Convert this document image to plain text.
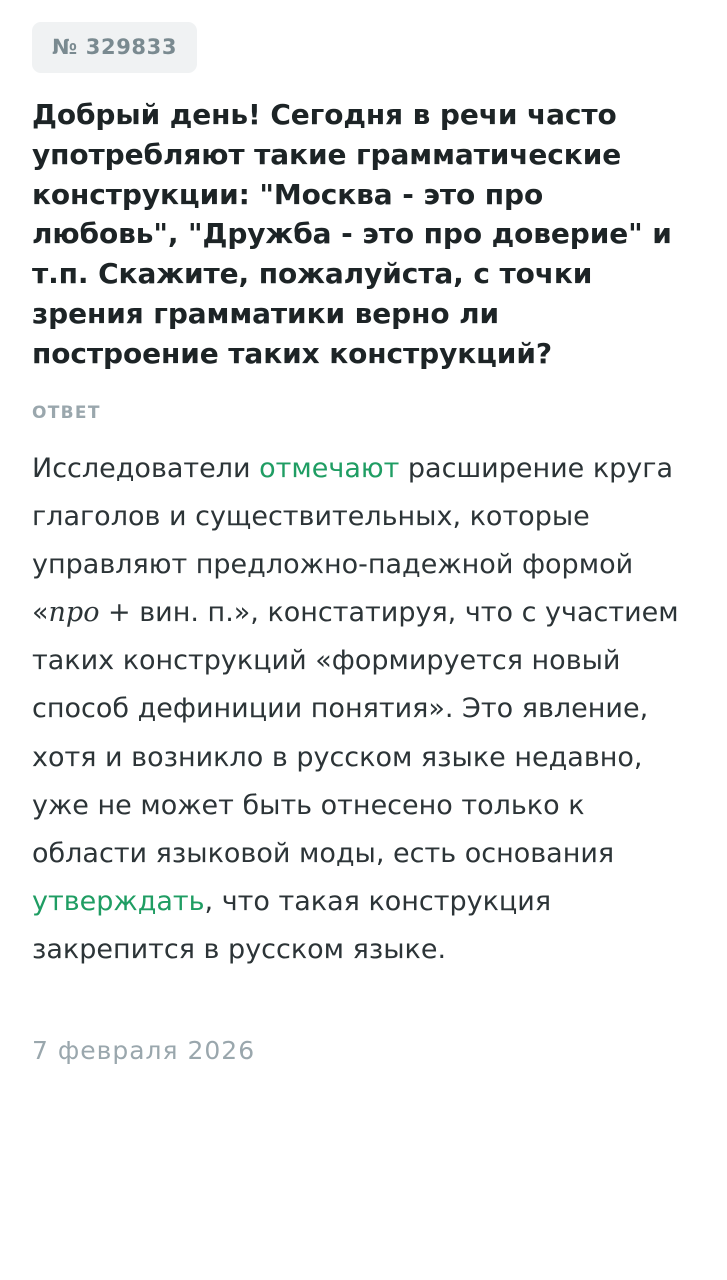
№ 329833
Добрый день! Сегодня в речи часто употребляют такие грамматические конструкции: "Москва - это про любовь", "Дружба - это про доверие" и т.п. Скажите, пожалуйста, с точки зрения грамматики верно ли построение таких конструкций?
ОТВЕТ

Исследователи отмечают расширение круга глаголов и существительных, которые управляют предложно-падежной формой «про + вин. п.», констатируя, что с участием таких конструкций «формируется новый способ дефиниции понятия». Это явление, хотя и возникло в русском языке недавно, уже не может быть отнесено только к области языковой моды, есть основания утверждать, что такая конструкция закрепится в русском языке.

7 февраля 2026
